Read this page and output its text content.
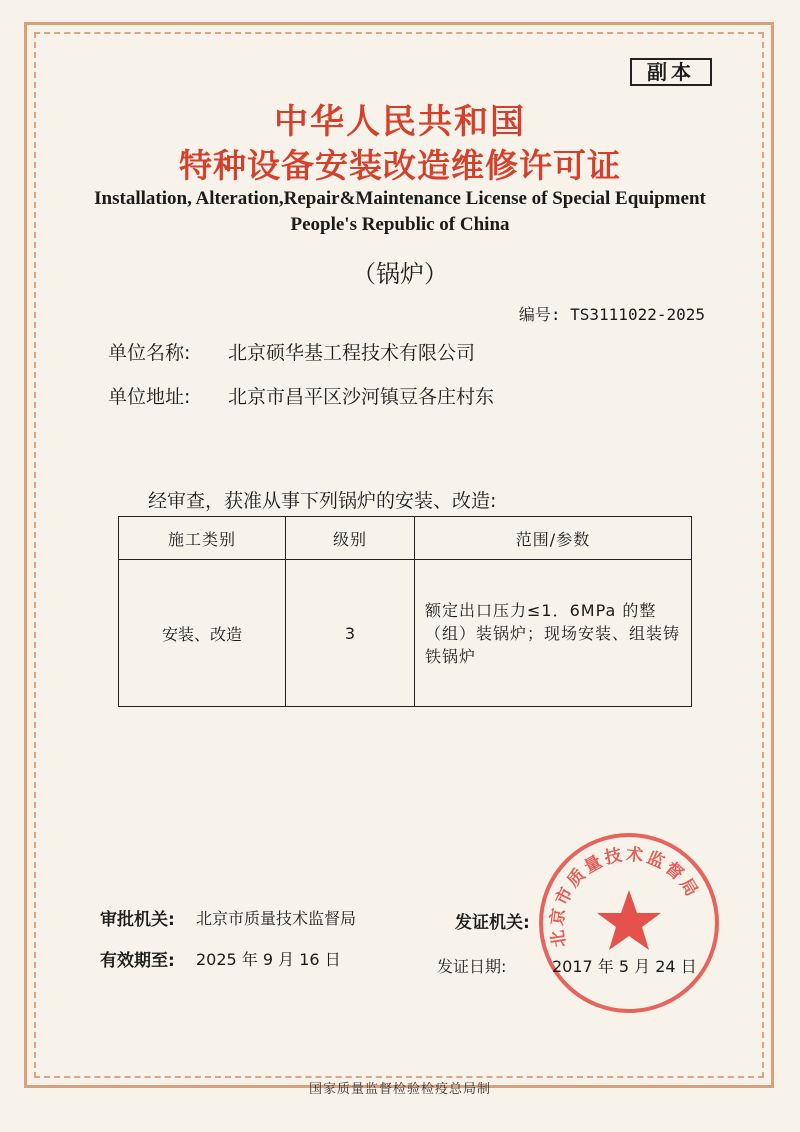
副本
中华人民共和国
特种设备安装改造维修许可证
Installation, Alteration,Repair&Maintenance License of Special Equipment
People's Republic of China
（锅炉）
编号: TS3111022-2025
单位名称: 北京硕华基工程技术有限公司
单位地址: 北京市昌平区沙河镇豆各庄村东
经审查，获准从事下列锅炉的安装、改造:
施工类别	级别	范围/参数
安装、改造	3	额定出口压力≤1．6MPa 的整（组）装锅炉；现场安装、组装铸铁锅炉
北京市质量技术监督局
审批机关: 北京市质量技术监督局
有效期至: 2025 年 9 月 16 日
发证机关:
发证日期:	2017 年 5 月 24 日
国家质量监督检验检疫总局制
